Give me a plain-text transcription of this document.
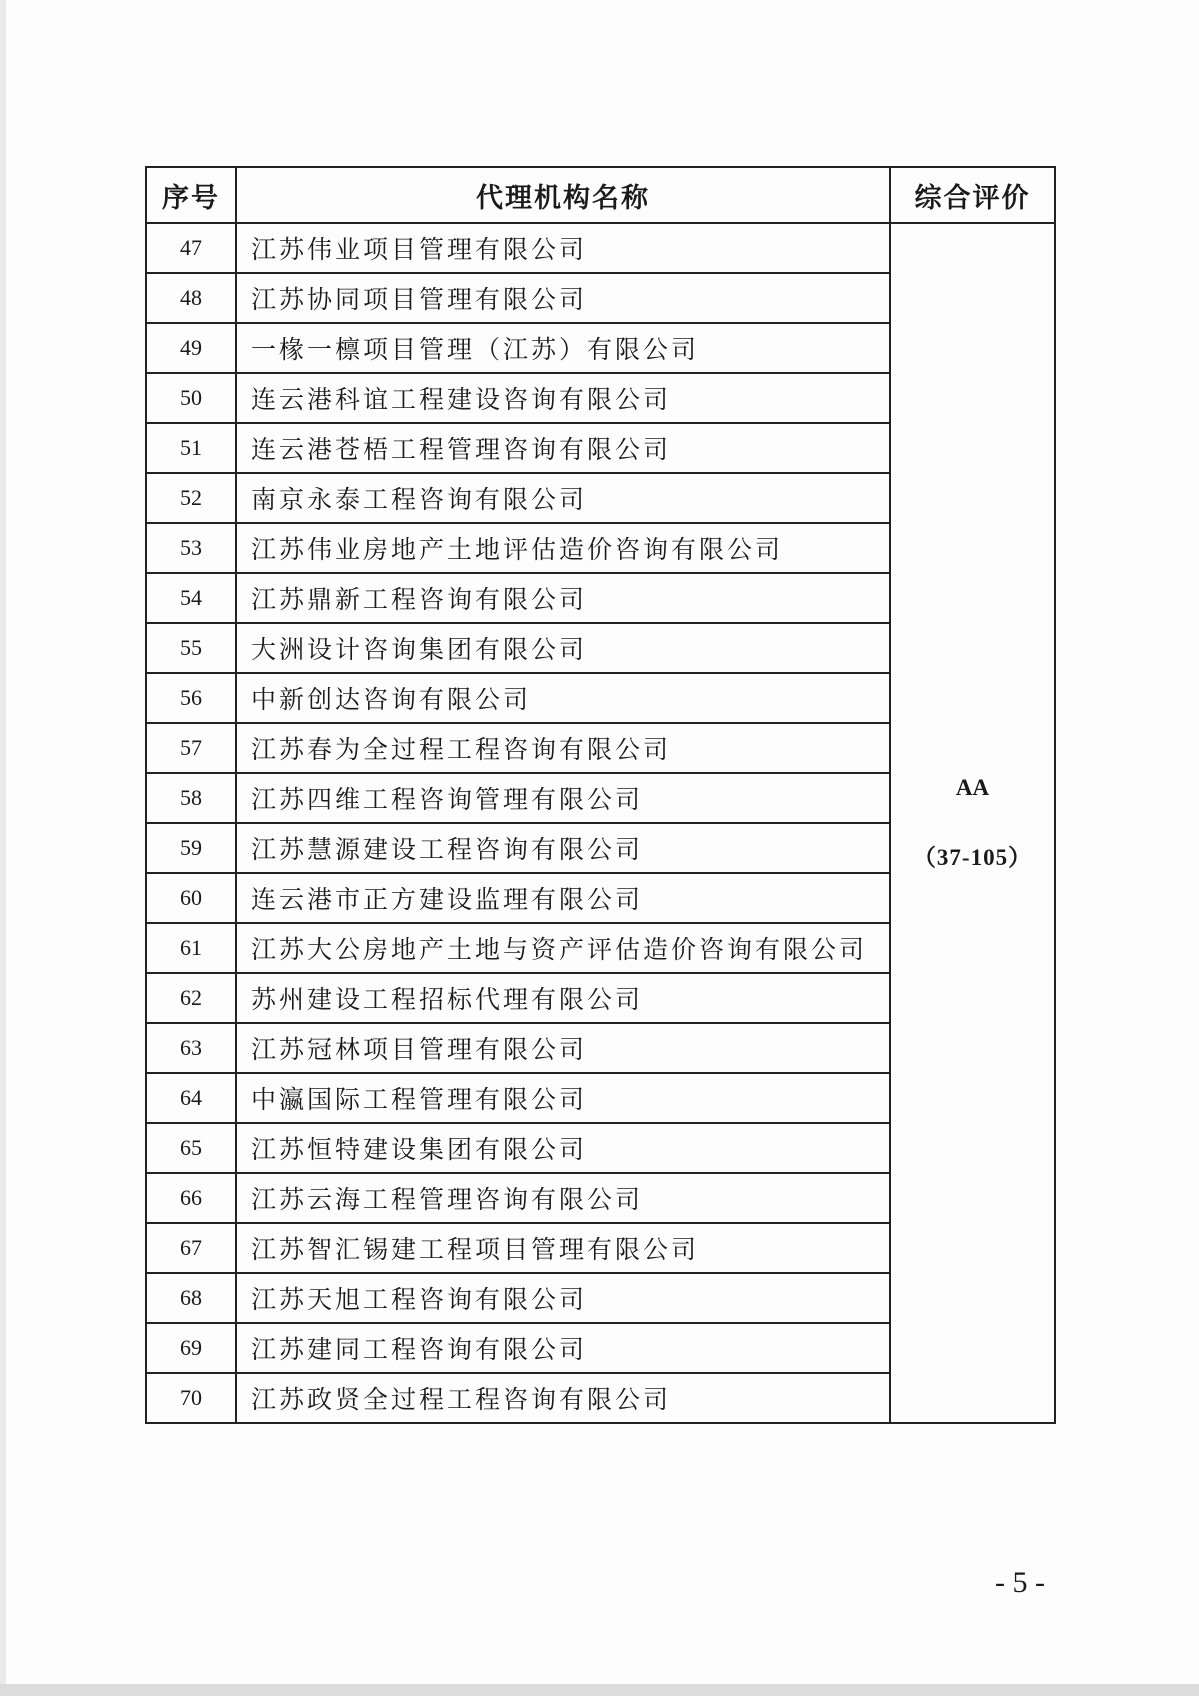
序号	代理机构名称	综合评价
47	江苏伟业项目管理有限公司	AA
（37-105）

48	江苏协同项目管理有限公司	
49	一椽一檩项目管理（江苏）有限公司	
50	连云港科谊工程建设咨询有限公司	
51	连云港苍梧工程管理咨询有限公司	
52	南京永泰工程咨询有限公司	
53	江苏伟业房地产土地评估造价咨询有限公司	
54	江苏鼎新工程咨询有限公司	
55	大洲设计咨询集团有限公司	
56	中新创达咨询有限公司	
57	江苏春为全过程工程咨询有限公司	
58	江苏四维工程咨询管理有限公司	
59	江苏慧源建设工程咨询有限公司	
60	连云港市正方建设监理有限公司	
61	江苏大公房地产土地与资产评估造价咨询有限公司	
62	苏州建设工程招标代理有限公司	
63	江苏冠林项目管理有限公司	
64	中瀛国际工程管理有限公司	
65	江苏恒特建设集团有限公司	
66	江苏云海工程管理咨询有限公司	
67	江苏智汇锡建工程项目管理有限公司	
68	江苏天旭工程咨询有限公司	
69	江苏建同工程咨询有限公司	
70	江苏政贤全过程工程咨询有限公司	
- 5 -
